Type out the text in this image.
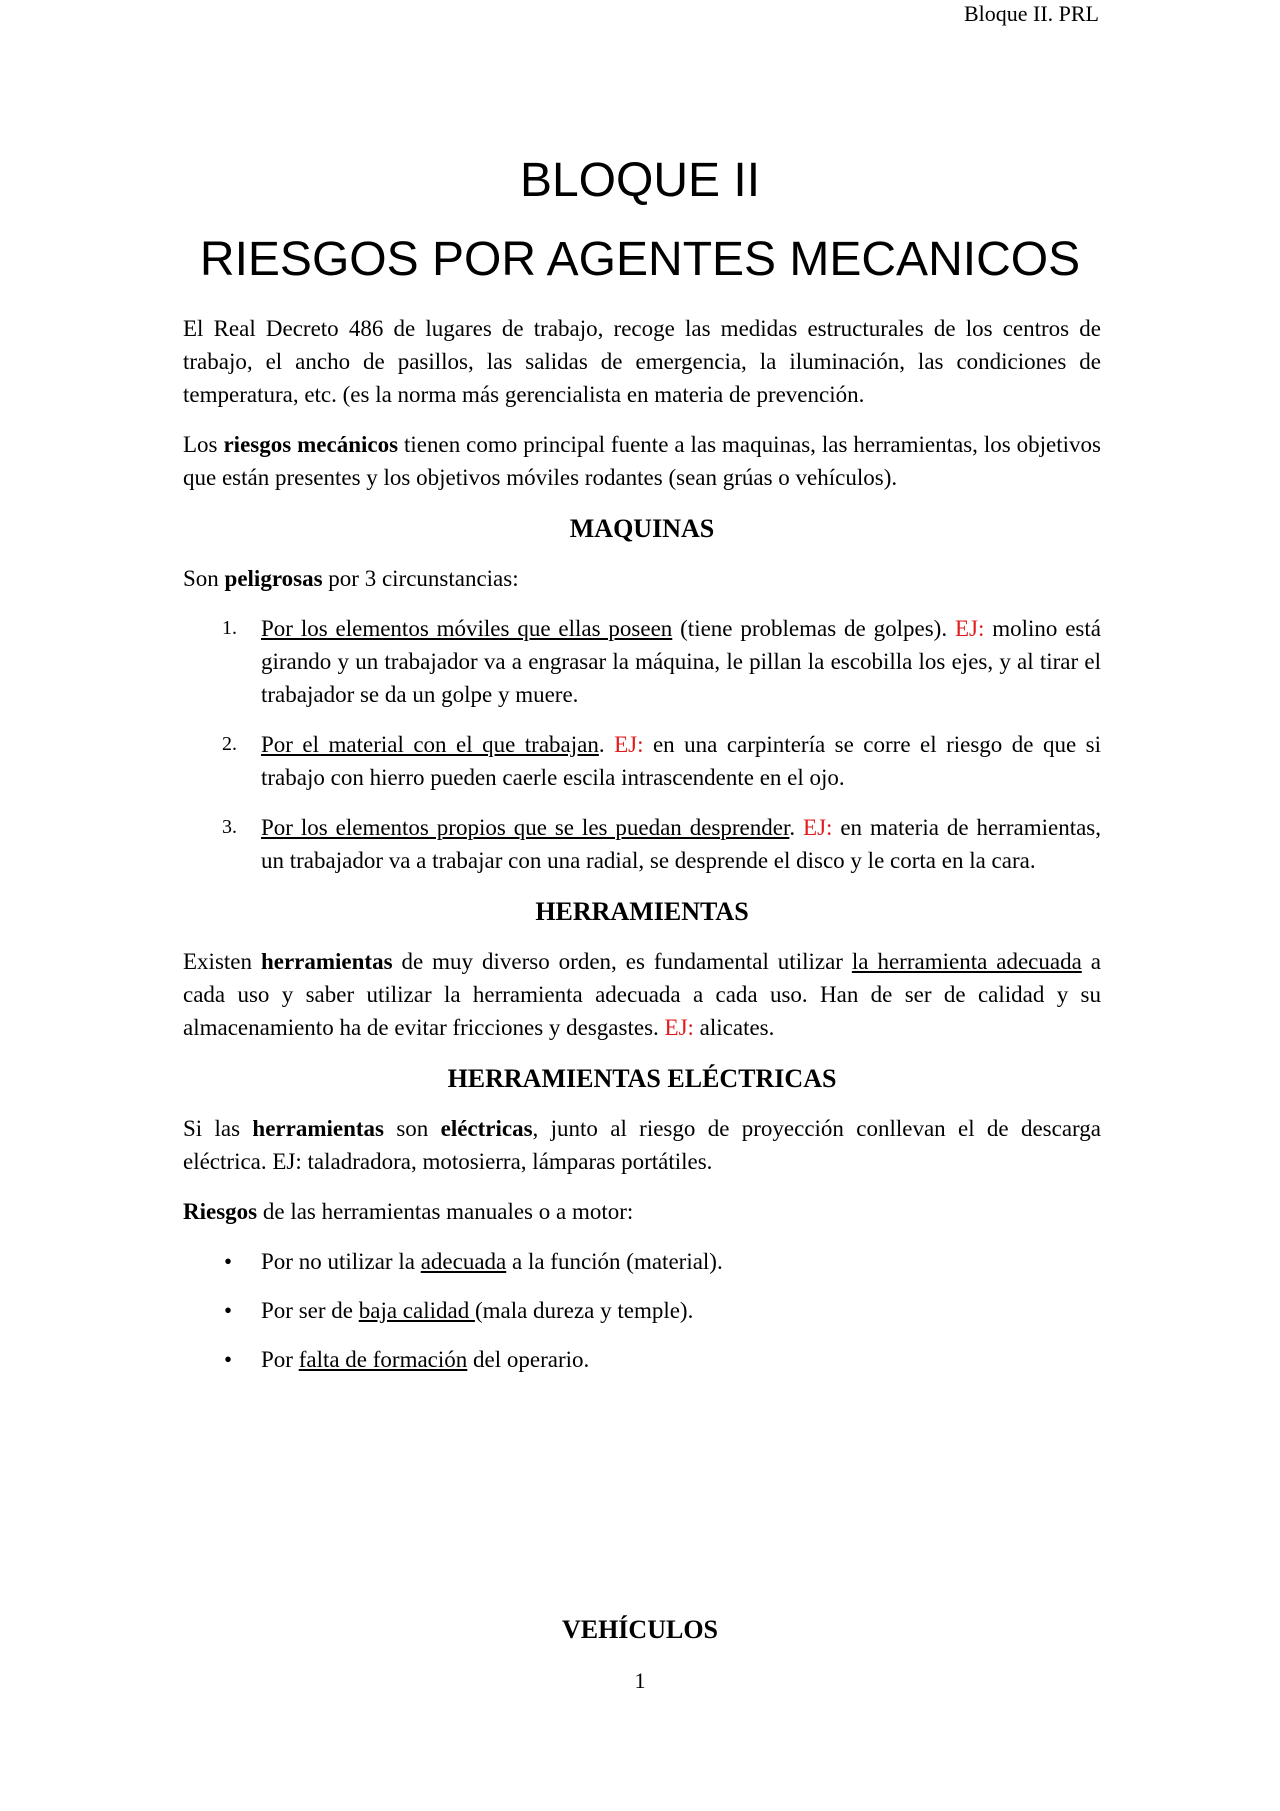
Bloque II. PRL
BLOQUE II
RIESGOS POR AGENTES MECANICOS

El Real Decreto 486 de lugares de trabajo, recoge las medidas estructurales de los centros de trabajo, el ancho de pasillos, las salidas de emergencia, la iluminación, las condiciones de temperatura, etc. (es la norma más gerencialista en materia de prevención.

Los riesgos mecánicos tienen como principal fuente a las maquinas, las herramientas, los objetivos que están presentes y los objetivos móviles rodantes (sean grúas o vehículos).

MAQUINAS

Son peligrosas por 3 circunstancias:

1. Por los elementos móviles que ellas poseen (tiene problemas de golpes). EJ: molino está girando y un trabajador va a engrasar la máquina, le pillan la escobilla los ejes, y al tirar el trabajador se da un golpe y muere.
2. Por el material con el que trabajan. EJ: en una carpintería se corre el riesgo de que si trabajo con hierro pueden caerle escila intrascendente en el ojo.
3. Por los elementos propios que se les puedan desprender. EJ: en materia de herramientas, un trabajador va a trabajar con una radial, se desprende el disco y le corta en la cara.
HERRAMIENTAS

Existen herramientas de muy diverso orden, es fundamental utilizar la herramienta adecuada a cada uso y saber utilizar la herramienta adecuada a cada uso. Han de ser de calidad y su almacenamiento ha de evitar fricciones y desgastes. EJ: alicates.

HERRAMIENTAS ELÉCTRICAS

Si las herramientas son eléctricas, junto al riesgo de proyección conllevan el de descarga eléctrica. EJ: taladradora, motosierra, lámparas portátiles.

Riesgos de las herramientas manuales o a motor:

• Por no utilizar la adecuada a la función (material).
• Por ser de baja calidad (mala dureza y temple).
• Por falta de formación del operario.
VEHÍCULOS
1
